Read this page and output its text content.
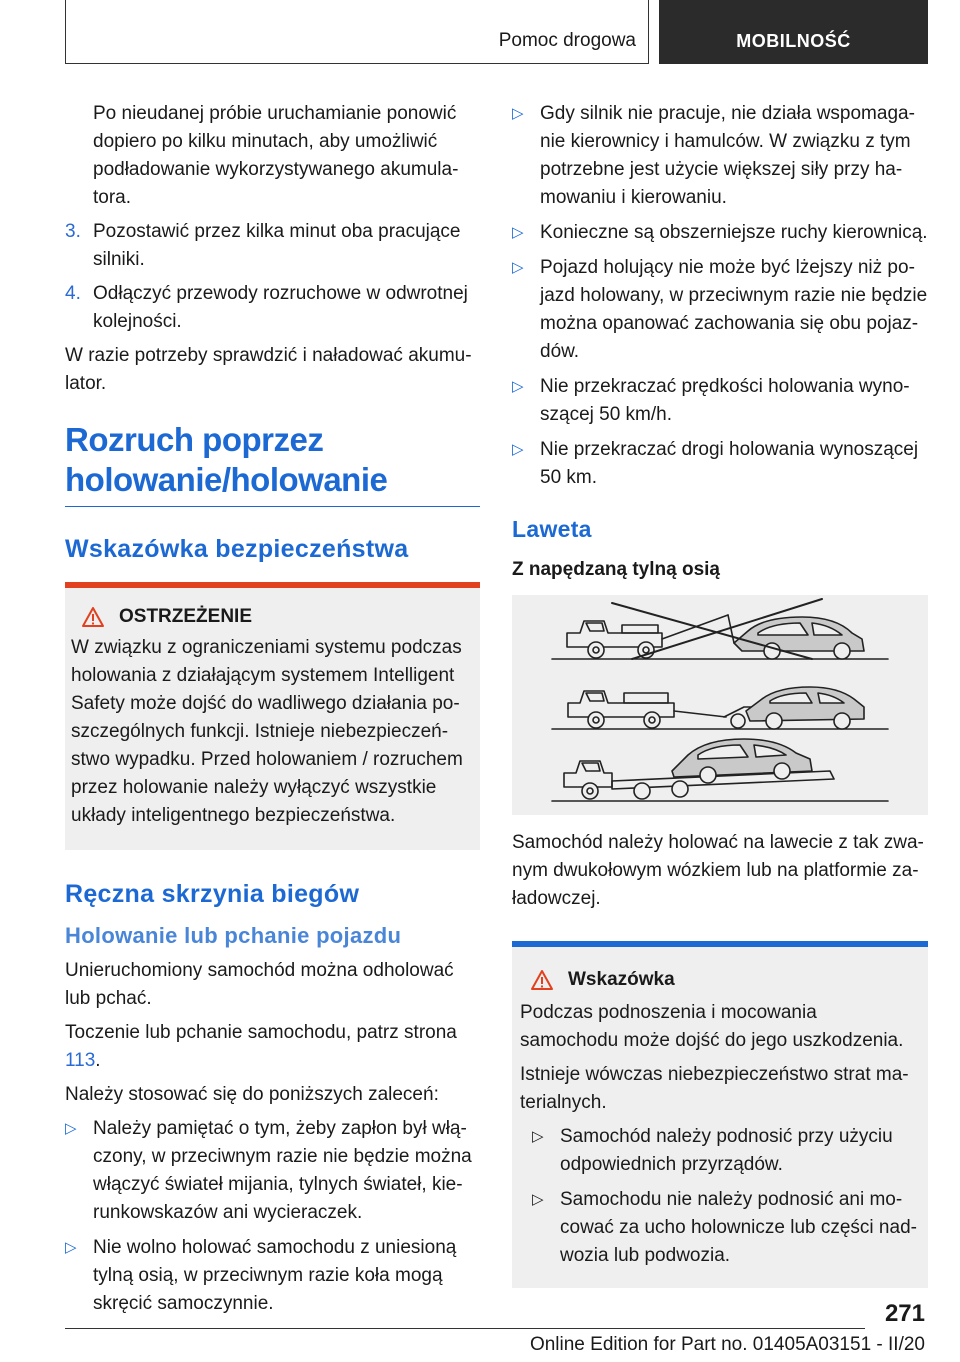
Pomoc drogowa	MOBILNOŚĆ

Po nieudanej próbie uruchamianie ponowić dopiero po kilku minutach, aby umożliwić podładowanie wykorzystywanego akumula‐tora.

3. Pozostawić przez kilka minut oba pracujące silniki.
4. Odłączyć przewody rozruchowe w odwrotnej kolejności.

W razie potrzeby sprawdzić i naładować akumu‐lator.

Rozruch poprzez holowanie/holowanie
Wskazówka bezpieczeństwa
OSTRZEŻENIE

W związku z ograniczeniami systemu podczas holowania z działającym systemem Intelligent Safety może dojść do wadliwego działania po‐szczególnych funkcji. Istnieje niebezpieczeń‐stwo wypadku. Przed holowaniem / rozruchem przez holowanie należy wyłączyć wszystkie układy inteligentnego bezpieczeństwa.

Ręczna skrzynia biegów
Holowanie lub pchanie pojazdu

Unieruchomiony samochód można odholować lub pchać.

Toczenie lub pchanie samochodu, patrz strona 113.

Należy stosować się do poniższych zaleceń:

▷ Należy pamiętać o tym, żeby zapłon był włą‐czony, w przeciwnym razie nie będzie można włączyć świateł mijania, tylnych świateł, kie‐runkowskazów ani wycieraczek.
▷ Nie wolno holować samochodu z uniesioną tylną osią, w przeciwnym razie koła mogą skręcić samoczynnie.
▷ Gdy silnik nie pracuje, nie działa wspomaga‐nie kierownicy i hamulców. W związku z tym potrzebne jest użycie większej siły przy ha‐mowaniu i kierowaniu.
▷ Konieczne są obszerniejsze ruchy kierownicą.
▷ Pojazd holujący nie może być lżejszy niż po‐jazd holowany, w przeciwnym razie nie będzie można opanować zachowania się obu pojaz‐dów.
▷ Nie przekraczać prędkości holowania wyno‐szącej 50 km/h.
▷ Nie przekraczać drogi holowania wynoszącej 50 km.
Laweta
Z napędzaną tylną osią

Samochód należy holować na lawecie z tak zwa‐nym dwukołowym wózkiem lub na platformie za‐ładowczej.

Wskazówka

Podczas podnoszenia i mocowania samochodu może dojść do jego uszkodzenia.

Istnieje wówczas niebezpieczeństwo strat ma‐terialnych.

▷ Samochód należy podnosić przy użyciu odpowiednich przyrządów.
▷ Samochodu nie należy podnosić ani mo‐cować za ucho holownicze lub części nad‐wozia lub podwozia.
271
Online Edition for Part no. 01405A03151 - II/20
